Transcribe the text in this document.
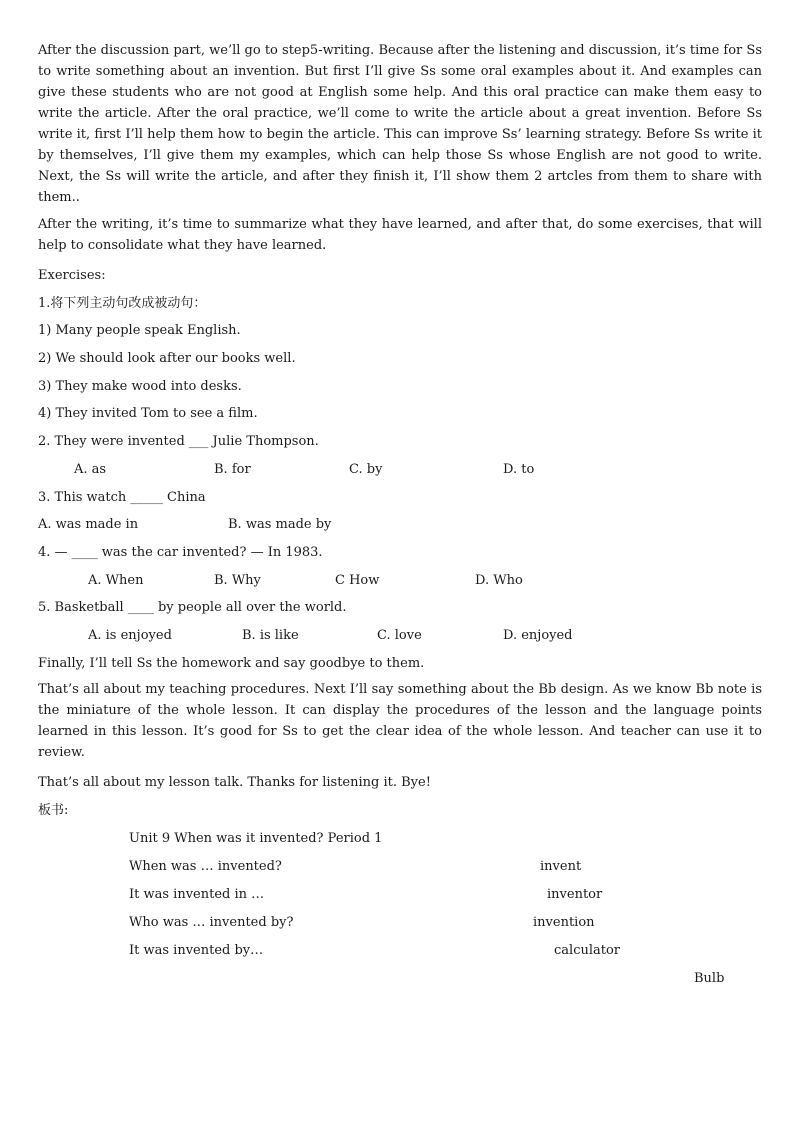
After the discussion part, we’ll go to step5-writing. Because after the listening and discussion, it’s time for Ss to write something about an invention. But first I’ll give Ss some oral examples about it. And examples can give these students who are not good at English some help. And this oral practice can make them easy to write the article. After the oral practice, we’ll come to write the article about a great invention. Before Ss write it, first I’ll help them how to begin the article. This can improve Ss’ learning strategy. Before Ss write it by themselves, I’ll give them my examples, which can help those Ss whose English are not good to write. Next, the Ss will write the article, and after they finish it, I’ll show them 2 artcles from them to share with them..

After the writing, it’s time to summarize what they have learned, and after that, do some exercises, that will help to consolidate what they have learned.

Exercises:
1.将下列主动句改成被动句：
1) Many people speak English.
2) We should look after our books well.
3) They make wood into desks.
4) They invited Tom to see a film.
2. They were invented ___ Julie Thompson.
A. as	B. for	C. by	D. to
3. This watch _____ China
A. was made in	B. was made by
4. — ____ was the car invented? — In 1983.
A. When	B. Why	C How	D. Who
5. Basketball ____ by people all over the world.
A. is enjoyed	B. is like	C. love	D. enjoyed
Finally, I’ll tell Ss the homework and say goodbye to them.

That’s all about my teaching procedures. Next I’ll say something about the Bb design. As we know Bb note is the miniature of the whole lesson. It can display the procedures of the lesson and the language points learned in this lesson. It’s good for Ss to get the clear idea of the whole lesson. And teacher can use it to review.

That’s all about my lesson talk. Thanks for listening it. Bye!
板书:
Unit 9 When was it invented? Period 1
When was … invented?	invent
It was invented in …	inventor
Who was … invented by?	invention
It was invented by…	calculator
Bulb
